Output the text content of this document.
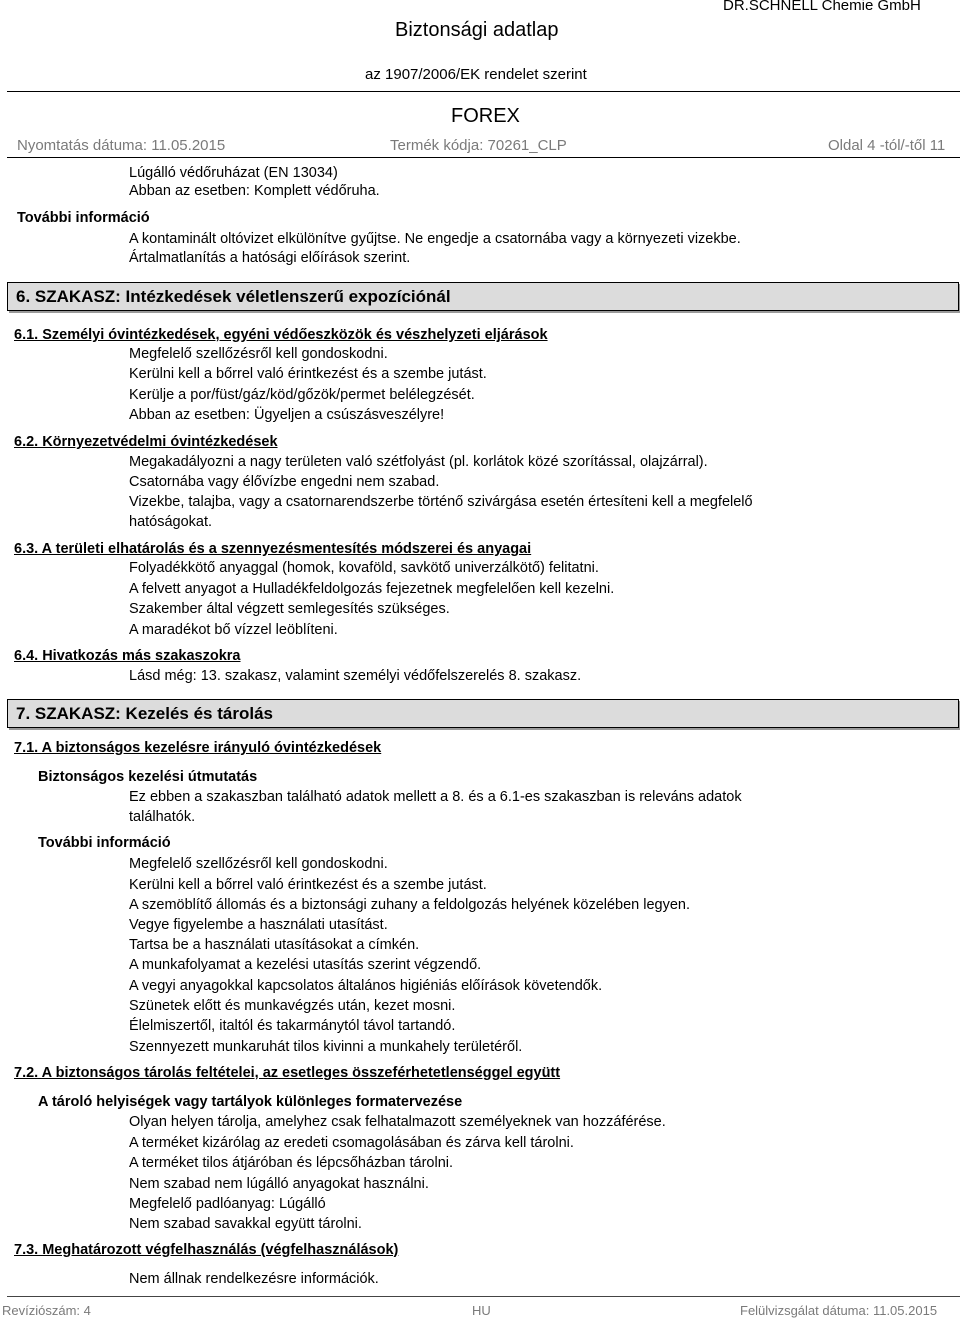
Biztonsági adatlap
DR.SCHNELL Chemie GmbH
az 1907/2006/EK rendelet szerint
FOREX
Nyomtatás dátuma: 11.05.2015	Termék kódja: 70261_CLP	Oldal 4 -tól/-től 11
Lúgálló védőruházat (EN 13034)
Abban az esetben: Komplett védőruha.
További információ
A kontaminált oltóvizet elkülönítve gyűjtse. Ne engedje a csatornába vagy a környezeti vizekbe.
Ártalmatlanítás a hatósági előírások szerint.
6. SZAKASZ: Intézkedések véletlenszerű expozíciónál
6.1. Személyi óvintézkedések, egyéni védőeszközök és vészhelyzeti eljárások
Megfelelő szellőzésről kell gondoskodni.
Kerülni kell a bőrrel való érintkezést és a szembe jutást.
Kerülje a por/füst/gáz/köd/gőzök/permet belélegzését.
Abban az esetben: Ügyeljen a csúszásveszélyre!
6.2. Környezetvédelmi óvintézkedések
Megakadályozni a nagy területen való szétfolyást (pl. korlátok közé szorítással, olajzárral).
Csatornába vagy élővízbe engedni nem szabad.
Vizekbe, talajba, vagy a csatornarendszerbe történő szivárgása esetén értesíteni kell a megfelelő
hatóságokat.
6.3. A területi elhatárolás és a szennyezésmentesítés módszerei és anyagai
Folyadékkötő anyaggal (homok, kovaföld, savkötő univerzálkötő) felitatni.
A felvett anyagot a Hulladékfeldolgozás fejezetnek megfelelően kell kezelni.
Szakember által végzett semlegesítés szükséges.
A maradékot bő vízzel leöblíteni.
6.4. Hivatkozás más szakaszokra
Lásd még: 13. szakasz, valamint személyi védőfelszerelés 8. szakasz.
7. SZAKASZ: Kezelés és tárolás
7.1. A biztonságos kezelésre irányuló óvintézkedések
Biztonságos kezelési útmutatás
Ez ebben a szakaszban található adatok mellett a 8. és a 6.1-es szakaszban is releváns adatok
találhatók.
További információ
Megfelelő szellőzésről kell gondoskodni.
Kerülni kell a bőrrel való érintkezést és a szembe jutást.
A szemöblítő állomás és a biztonsági zuhany a feldolgozás helyének közelében legyen.
Vegye figyelembe a használati utasítást.
Tartsa be a használati utasításokat a címkén.
A munkafolyamat a kezelési utasítás szerint végzendő.
A vegyi anyagokkal kapcsolatos általános higiéniás előírások követendők.
Szünetek előtt és munkavégzés után, kezet mosni.
Élelmiszertől, italtól és takarmánytól távol tartandó.
Szennyezett munkaruhát tilos kivinni a munkahely területéről.
7.2. A biztonságos tárolás feltételei, az esetleges összeférhetetlenséggel együtt
A tároló helyiségek vagy tartályok különleges formatervezése
Olyan helyen tárolja, amelyhez csak felhatalmazott személyeknek van hozzáférése.
A terméket kizárólag az eredeti csomagolásában és zárva kell tárolni.
A terméket tilos átjáróban és lépcsőházban tárolni.
Nem szabad nem lúgálló anyagokat használni.
Megfelelő padlóanyag: Lúgálló
Nem szabad savakkal együtt tárolni.
7.3. Meghatározott végfelhasználás (végfelhasználások)
Nem állnak rendelkezésre információk.
Revíziószám: 4	HU	Felülvizsgálat dátuma: 11.05.2015
